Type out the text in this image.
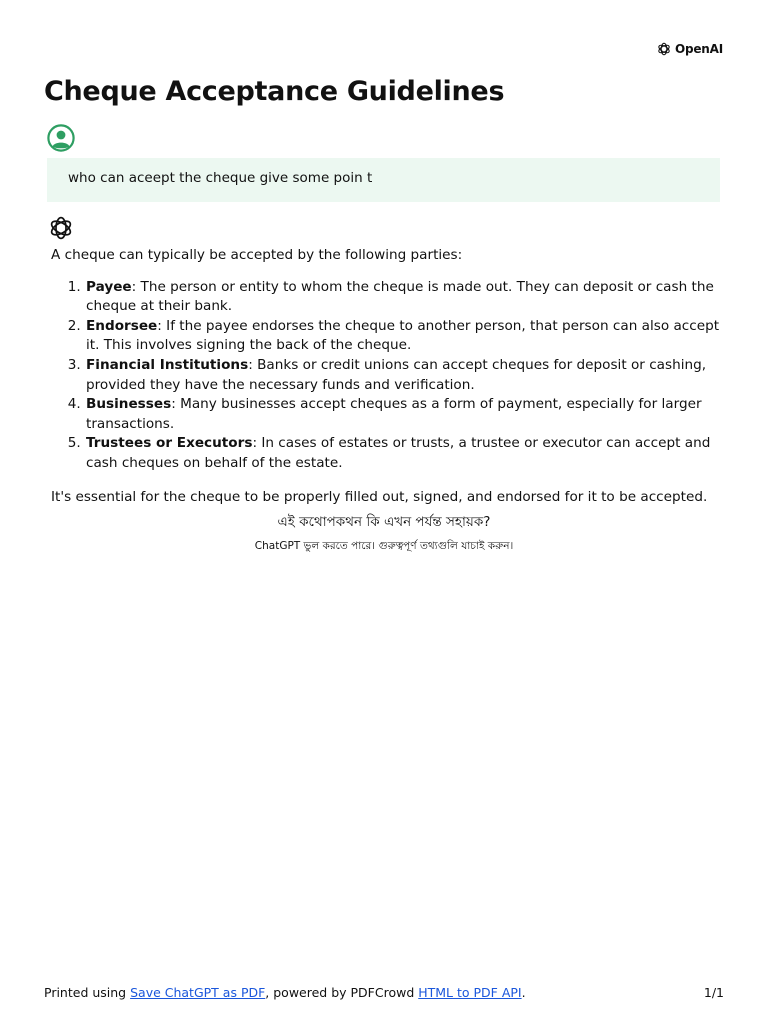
OpenAI
Cheque Acceptance Guidelines
who can aceept the cheque give some poin t

A cheque can typically be accepted by the following parties:

1. Payee: The person or entity to whom the cheque is made out. They can deposit or cash the cheque at their bank.
2. Endorsee: If the payee endorses the cheque to another person, that person can also accept it. This involves signing the back of the cheque.
3. Financial Institutions: Banks or credit unions can accept cheques for deposit or cashing, provided they have the necessary funds and verification.
4. Businesses: Many businesses accept cheques as a form of payment, especially for larger transactions.
5. Trustees or Executors: In cases of estates or trusts, a trustee or executor can accept and cash cheques on behalf of the estate.

It's essential for the cheque to be properly filled out, signed, and endorsed for it to be accepted.

এই কথোপকথন কি এখন পর্যন্ত সহায়ক?
ChatGPT ভুল করতে পারে। গুরুত্বপূর্ণ তথ্যগুলি যাচাই করুন।
Printed using Save ChatGPT as PDF, powered by PDFCrowd HTML to PDF API.	1/1
